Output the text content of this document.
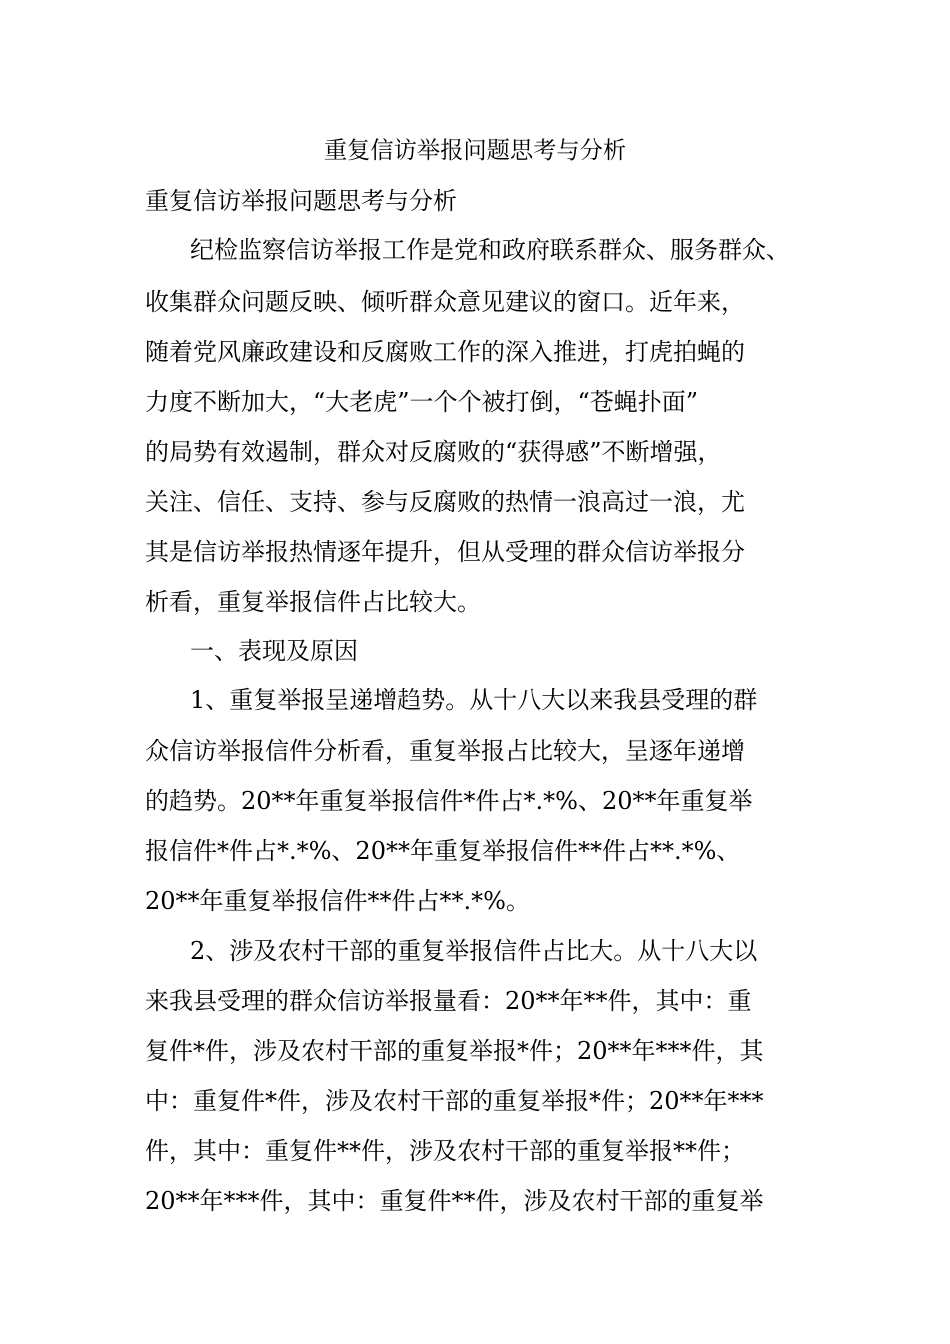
重复信访举报问题思考与分析
重复信访举报问题思考与分析
纪检监察信访举报工作是党和政府联系群众、服务群众、
收集群众问题反映、倾听群众意见建议的窗口。近年来，
随着党风廉政建设和反腐败工作的深入推进，打虎拍蝇的
力度不断加大，“大老虎”一个个被打倒，“苍蝇扑面”
的局势有效遏制，群众对反腐败的“获得感”不断增强，
关注、信任、支持、参与反腐败的热情一浪高过一浪，尤
其是信访举报热情逐年提升，但从受理的群众信访举报分
析看，重复举报信件占比较大。
一、表现及原因
1、重复举报呈递增趋势。从十八大以来我县受理的群
众信访举报信件分析看，重复举报占比较大，呈逐年递增
的趋势。20**年重复举报信件*件占*.*%、20**年重复举
报信件*件占*.*%、20**年重复举报信件**件占**.*%、
20**年重复举报信件**件占**.*%。
2、涉及农村干部的重复举报信件占比大。从十八大以
来我县受理的群众信访举报量看：20**年**件，其中：重
复件*件，涉及农村干部的重复举报*件；20**年***件，其
中：重复件*件，涉及农村干部的重复举报*件；20**年***
件，其中：重复件**件，涉及农村干部的重复举报**件；
20**年***件，其中：重复件**件，涉及农村干部的重复举
